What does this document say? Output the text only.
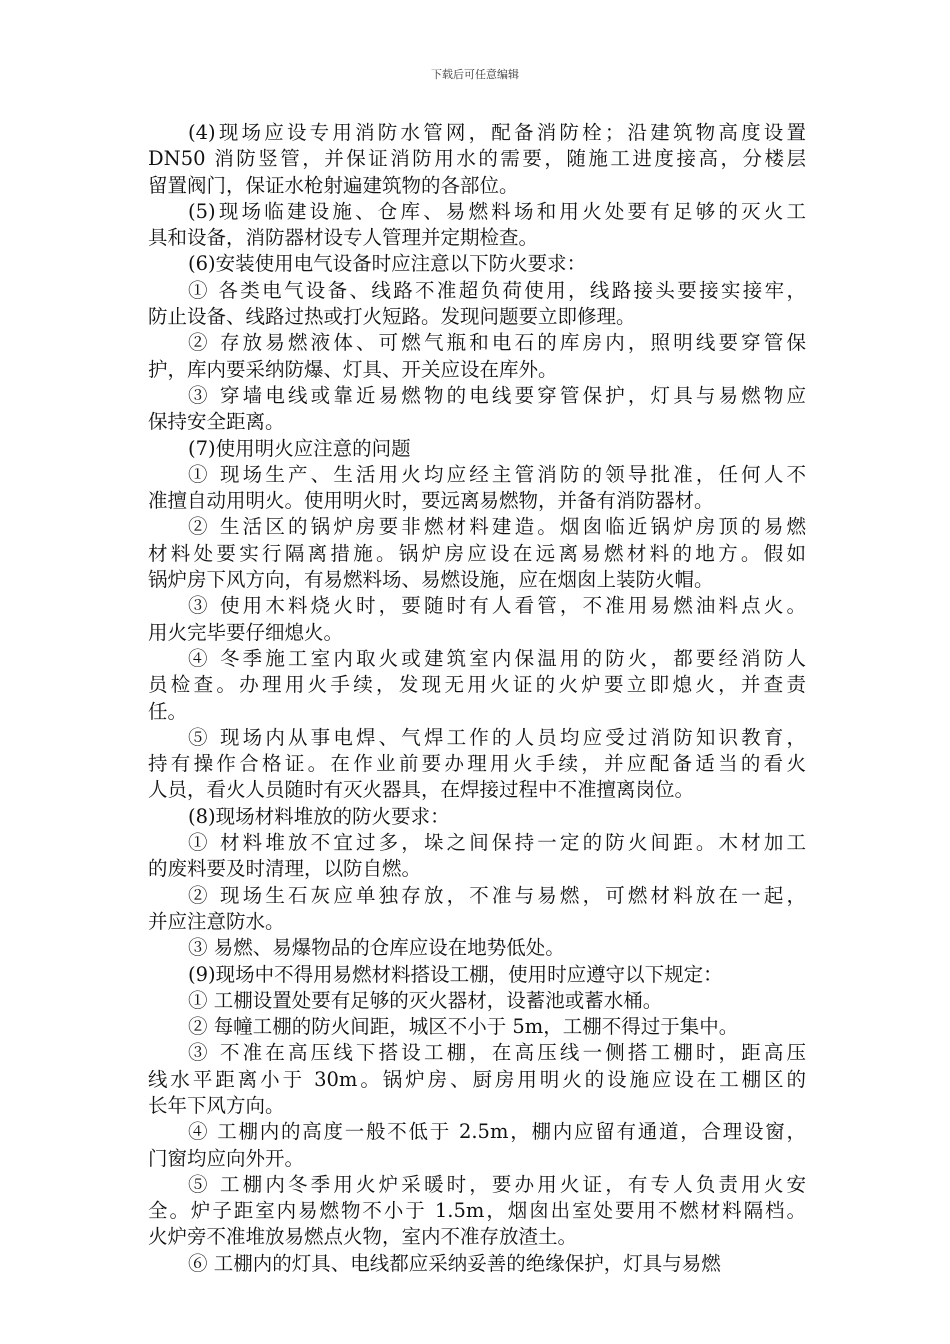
下载后可任意编辑
(4)现场应设专用消防水管网，配备消防栓；沿建筑物高度设置
DN50 消防竖管，并保证消防用水的需要，随施工进度接高，分楼层
留置阀门，保证水枪射遍建筑物的各部位。
(5)现场临建设施、仓库、易燃料场和用火处要有足够的灭火工
具和设备，消防器材设专人管理并定期检查。
(6)安装使用电气设备时应注意以下防火要求：
① 各类电气设备、线路不准超负荷使用，线路接头要接实接牢，
防止设备、线路过热或打火短路。发现问题要立即修理。
② 存放易燃液体、可燃气瓶和电石的库房内，照明线要穿管保
护，库内要采纳防爆、灯具、开关应设在库外。
③ 穿墙电线或靠近易燃物的电线要穿管保护，灯具与易燃物应
保持安全距离。
(7)使用明火应注意的问题
① 现场生产、生活用火均应经主管消防的领导批准，任何人不
准擅自动用明火。使用明火时，要远离易燃物，并备有消防器材。
② 生活区的锅炉房要非燃材料建造。烟囱临近锅炉房顶的易燃
材料处要实行隔离措施。锅炉房应设在远离易燃材料的地方。假如
锅炉房下风方向，有易燃料场、易燃设施，应在烟囱上装防火帽。
③ 使用木料烧火时，要随时有人看管，不准用易燃油料点火。
用火完毕要仔细熄火。
④ 冬季施工室内取火或建筑室内保温用的防火，都要经消防人
员检查。办理用火手续，发现无用火证的火炉要立即熄火，并查责
任。
⑤ 现场内从事电焊、气焊工作的人员均应受过消防知识教育，
持有操作合格证。在作业前要办理用火手续，并应配备适当的看火
人员，看火人员随时有灭火器具，在焊接过程中不准擅离岗位。
(8)现场材料堆放的防火要求：
① 材料堆放不宜过多，垛之间保持一定的防火间距。木材加工
的废料要及时清理，以防自燃。
② 现场生石灰应单独存放，不准与易燃，可燃材料放在一起，
并应注意防水。
③ 易燃、易爆物品的仓库应设在地势低处。
(9)现场中不得用易燃材料搭设工棚，使用时应遵守以下规定：
① 工棚设置处要有足够的灭火器材，设蓄池或蓄水桶。
② 每幢工棚的防火间距，城区不小于 5m，工棚不得过于集中。
③ 不准在高压线下搭设工棚，在高压线一侧搭工棚时，距高压
线水平距离小于 30m。锅炉房、厨房用明火的设施应设在工棚区的
长年下风方向。
④ 工棚内的高度一般不低于 2.5m，棚内应留有通道，合理设窗，
门窗均应向外开。
⑤ 工棚内冬季用火炉采暖时，要办用火证，有专人负责用火安
全。炉子距室内易燃物不小于 1.5m，烟囱出室处要用不燃材料隔档。
火炉旁不准堆放易燃点火物，室内不准存放渣土。
⑥ 工棚内的灯具、电线都应采纳妥善的绝缘保护，灯具与易燃
